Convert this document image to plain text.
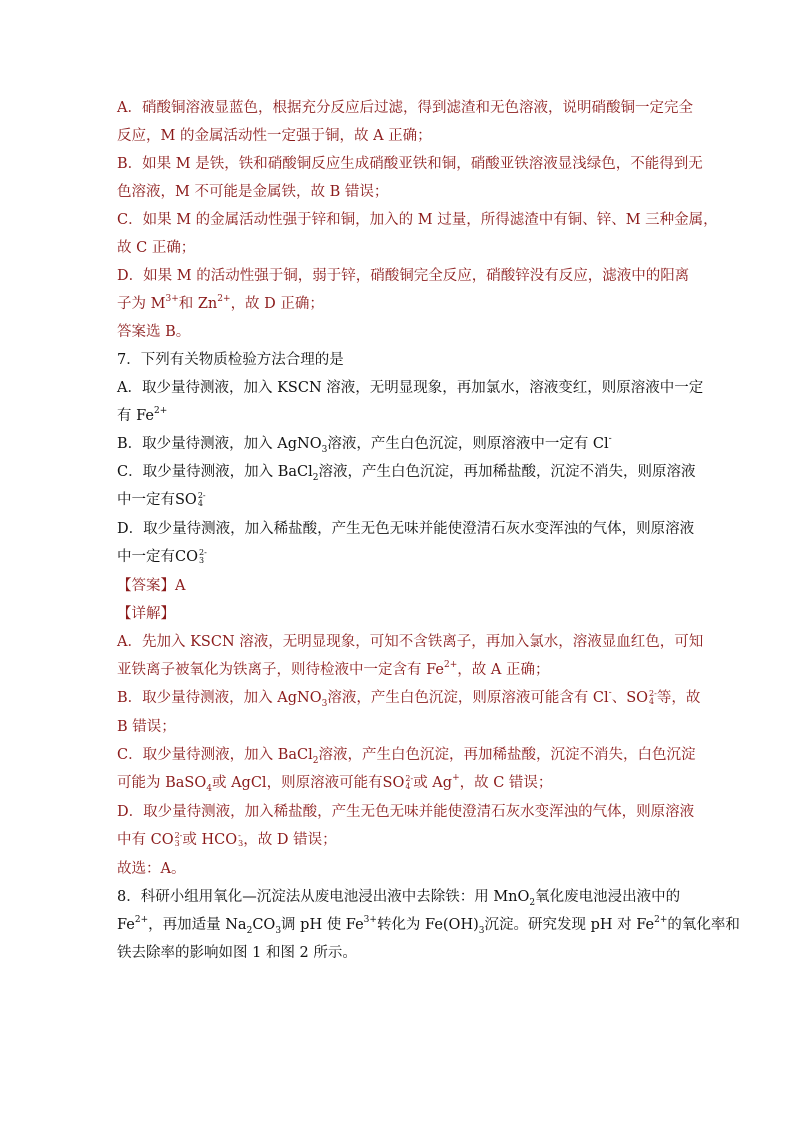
A．硝酸铜溶液显蓝色，根据充分反应后过滤，得到滤渣和无色溶液，说明硝酸铜一定完全
反应，M 的金属活动性一定强于铜，故 A 正确；
B．如果 M 是铁，铁和硝酸铜反应生成硝酸亚铁和铜，硝酸亚铁溶液显浅绿色，不能得到无
色溶液，M 不可能是金属铁，故 B 错误；
C．如果 M 的金属活动性强于锌和铜，加入的 M 过量，所得滤渣中有铜、锌、M 三种金属，
故 C 正确；
D．如果 M 的活动性强于铜，弱于锌，硝酸铜完全反应，硝酸锌没有反应，滤液中的阳离
子为 $M^{3+}$和 $Zn^{2+}$，故 D 正确；
答案选 B。
7．下列有关物质检验方法合理的是
A．取少量待测液，加入 KSCN 溶液，无明显现象，再加氯水，溶液变红，则原溶液中一定
有 $Fe^{2+}$
B．取少量待测液，加入 AgNO$_3$溶液，产生白色沉淀，则原溶液中一定有 Cl-
C．取少量待测液，加入 BaCl$_2$溶液，产生白色沉淀，再加稀盐酸，沉淀不消失，则原溶液
中一定有SO 2-
4
D．取少量待测液，加入稀盐酸，产生无色无味并能使澄清石灰水变浑浊的气体，则原溶液
中一定有CO 2-
3
【答案】A
【详解】
A．先加入 KSCN 溶液，无明显现象，可知不含铁离子，再加入氯水，溶液显血红色，可知
亚铁离子被氧化为铁离子，则待检液中一定含有 $Fe^{2+}$，故 A 正确；
B．取少量待测液，加入 AgNO$_3$溶液，产生白色沉淀，则原溶液可能含有 Cl-、SO 2-
4 等，故
B 错误；
C．取少量待测液，加入 BaCl$_2$溶液，产生白色沉淀，再加稀盐酸，沉淀不消失，白色沉淀
可能为 BaSO$_4$或 AgCl，则原溶液可能有SO 2-
4 或 Ag+，故 C 错误；
D．取少量待测液，加入稀盐酸，产生无色无味并能使澄清石灰水变浑浊的气体，则原溶液
中有 CO 2-
3 或 HCO -
3 ，故 D 错误；
故选：A。
8．科研小组用氧化—沉淀法从废电池浸出液中去除铁：用 MnO$_2$氧化废电池浸出液中的
$Fe^{2+}$，再加适量 $Na_2CO_3$调 pH 使 $Fe^{3+}$转化为 $Fe(OH)_3$沉淀。研究发现 pH 对 $Fe^{2+}$的氧化率和
铁去除率的影响如图 1 和图 2 所示。
